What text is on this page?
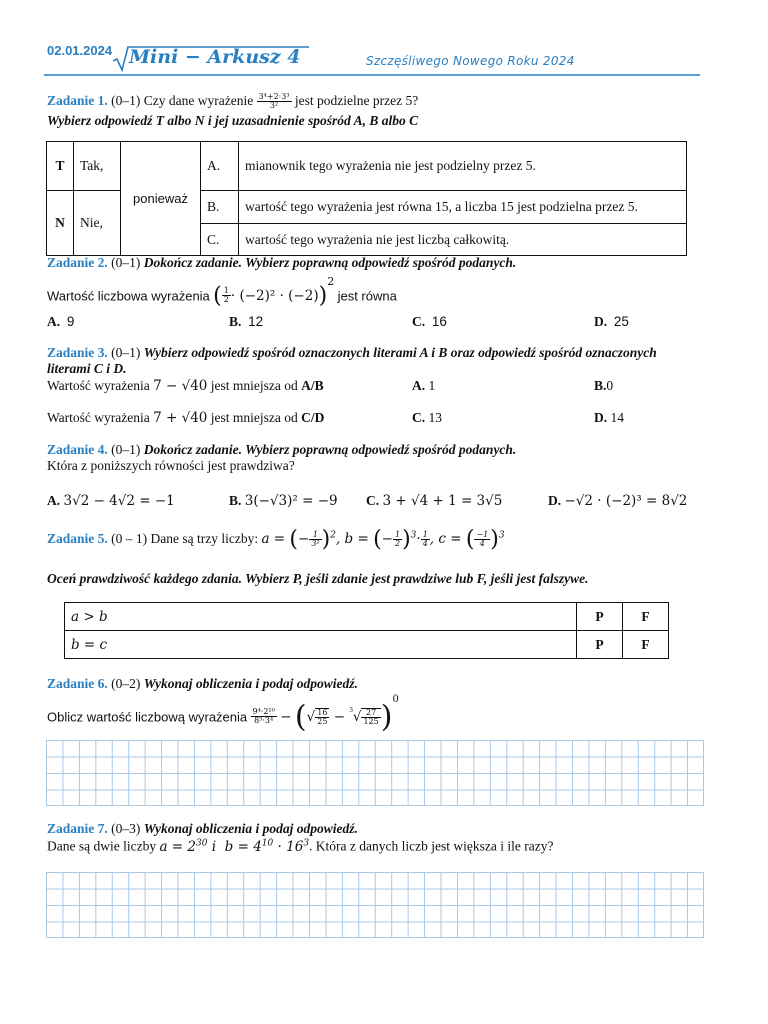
02.01.2024 Mini − Arkusz 4	Szczęśliwego Nowego Roku 2024
Zadanie 1. (0–1) Czy dane wyrażenie $\frac{\text{3⁴+2·3³}}{\text{3²}}$ jest podzielne przez 5?
Wybierz odpowiedź T albo N i jej uzasadnienie spośród A, B albo C
T	Tak,	ponieważ	A.	mianownik tego wyrażenia nie jest podzielny przez 5.
N	Nie,		B.	wartość tego wyrażenia jest równa 15, a liczba 15 jest podzielna przez 5.
			C.	wartość tego wyrażenia nie jest liczbą całkowitą.
Zadanie 2. (0–1) Dokończ zadanie. Wybierz poprawną odpowiedź spośród podanych.
Wartość liczbowa wyrażenia ( $\frac{1}{2} \cdot (-2)^2 \cdot (-2))^2$ jest równa
A. 9	B. 12	C. 16	D. 25
Zadanie 3. (0–1) Wybierz odpowiedź spośród oznaczonych literami A i B oraz odpowiedź spośród oznaczonych
literami C i D.
Wartość wyrażenia 7 − √40 jest mniejsza od A/B	A. 1	B.0
Wartość wyrażenia 7 + √40 jest mniejsza od C/D	C. 13	D. 14
Zadanie 4. (0–1) Dokończ zadanie. Wybierz poprawną odpowiedź spośród podanych.
Która z poniższych równości jest prawdziwa?
A. 3√2 − 4√2 = −1	B. 3(−√3)² = −9 C. 3 + √4 + 1 = 3√5	D. −√2 · (−2)³ = 8√2
Zadanie 5. (0 – 1) Dane są trzy liczby: a = (− $\frac{1}{\text{3²}} )^2$, b = (− $\frac{1}{2} )^3\cdot \frac{1}{4}$ , c = ( $\frac{-1}{4} )^3$
Oceń prawdziwość każdego zdania. Wybierz P, jeśli zdanie jest prawdziwe lub F, jeśli jest falszywe.
a > b	P	F
b = c	P	F
Zadanie 6. (0–2) Wykonaj obliczenia i podaj odpowiedź.
Oblicz wartość liczbową wyrażenia $\frac{\text{9⁴·2¹⁰}}{\text{8³·3⁴}}$ − (√ $\frac{16}{25} - ^3√ \frac{27}{125} )^0$
Zadanie 7. (0–3) Wykonaj obliczenia i podaj odpowiedź.
Dane są dwie liczby $a = 2^{30}$ i  $b = 4^{10} \cdot 16^3$. Która z danych liczb jest większa i ile razy?
